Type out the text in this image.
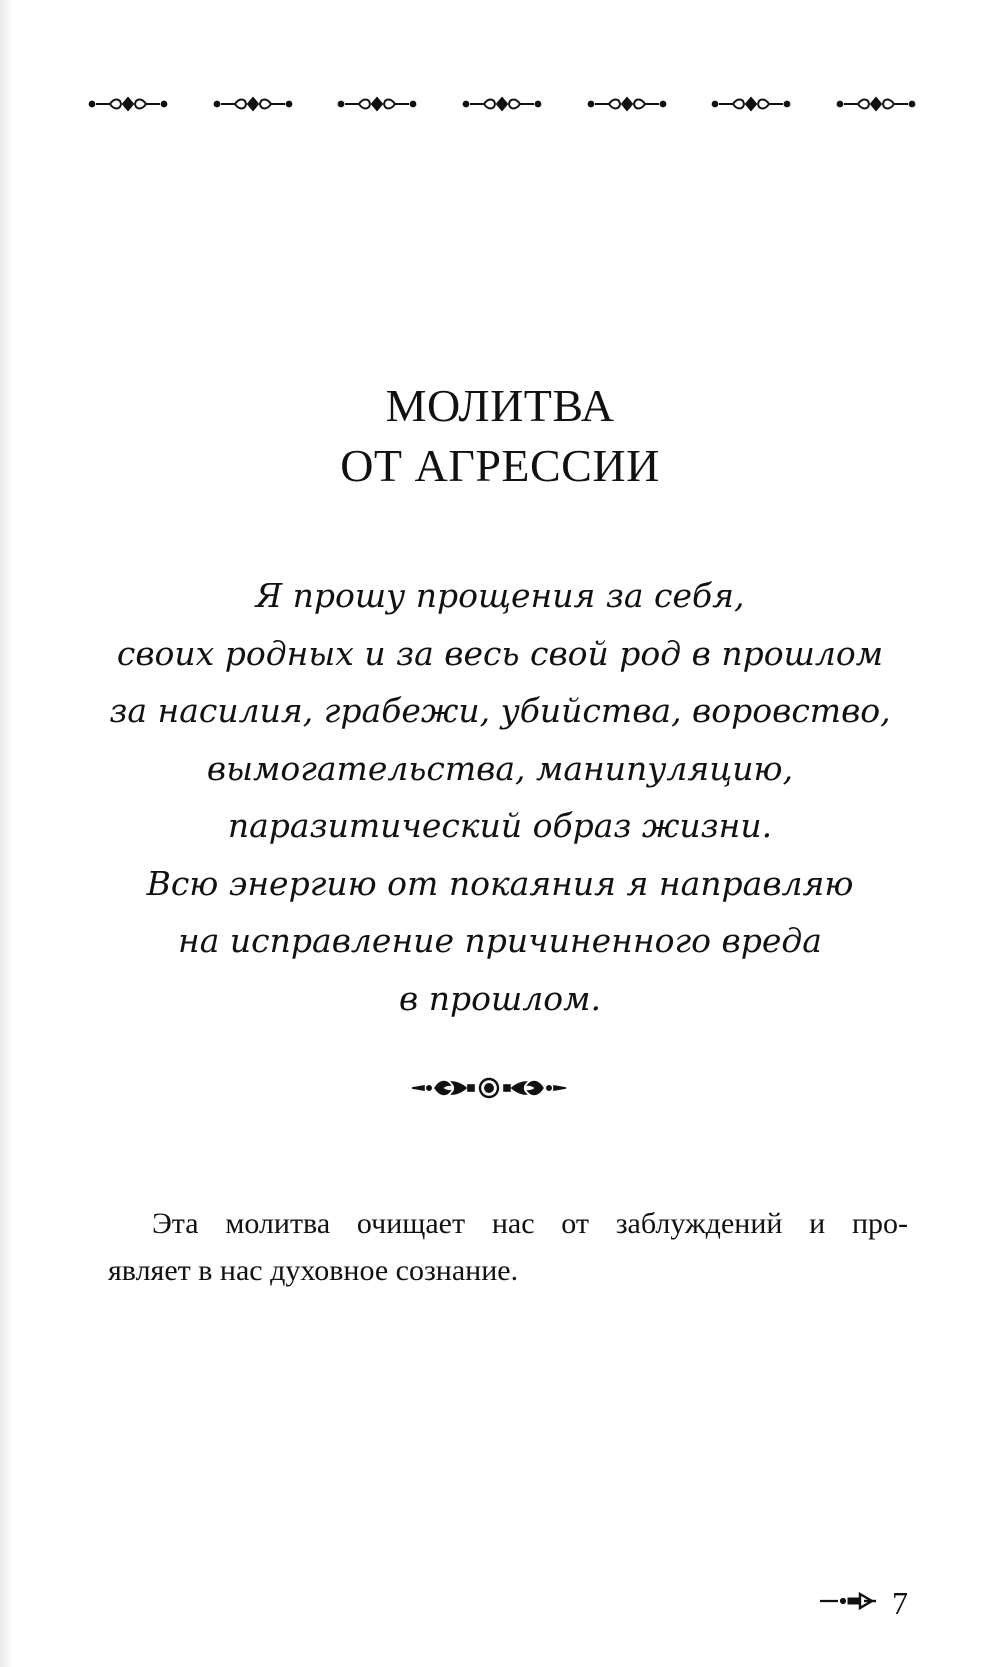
МОЛИТВА
ОТ АГРЕССИИ
Я прошу прощения за себя,
своих родных и за весь свой род в прошлом
за насилия, грабежи, убийства, воровство,
вымогательства, манипуляцию,
паразитический образ жизни.
Всю энергию от покаяния я направляю
на исправление причиненного вреда
в прошлом.
Эта молитва очищает нас от заблуждений и про-
являет в нас духовное сознание.
7
